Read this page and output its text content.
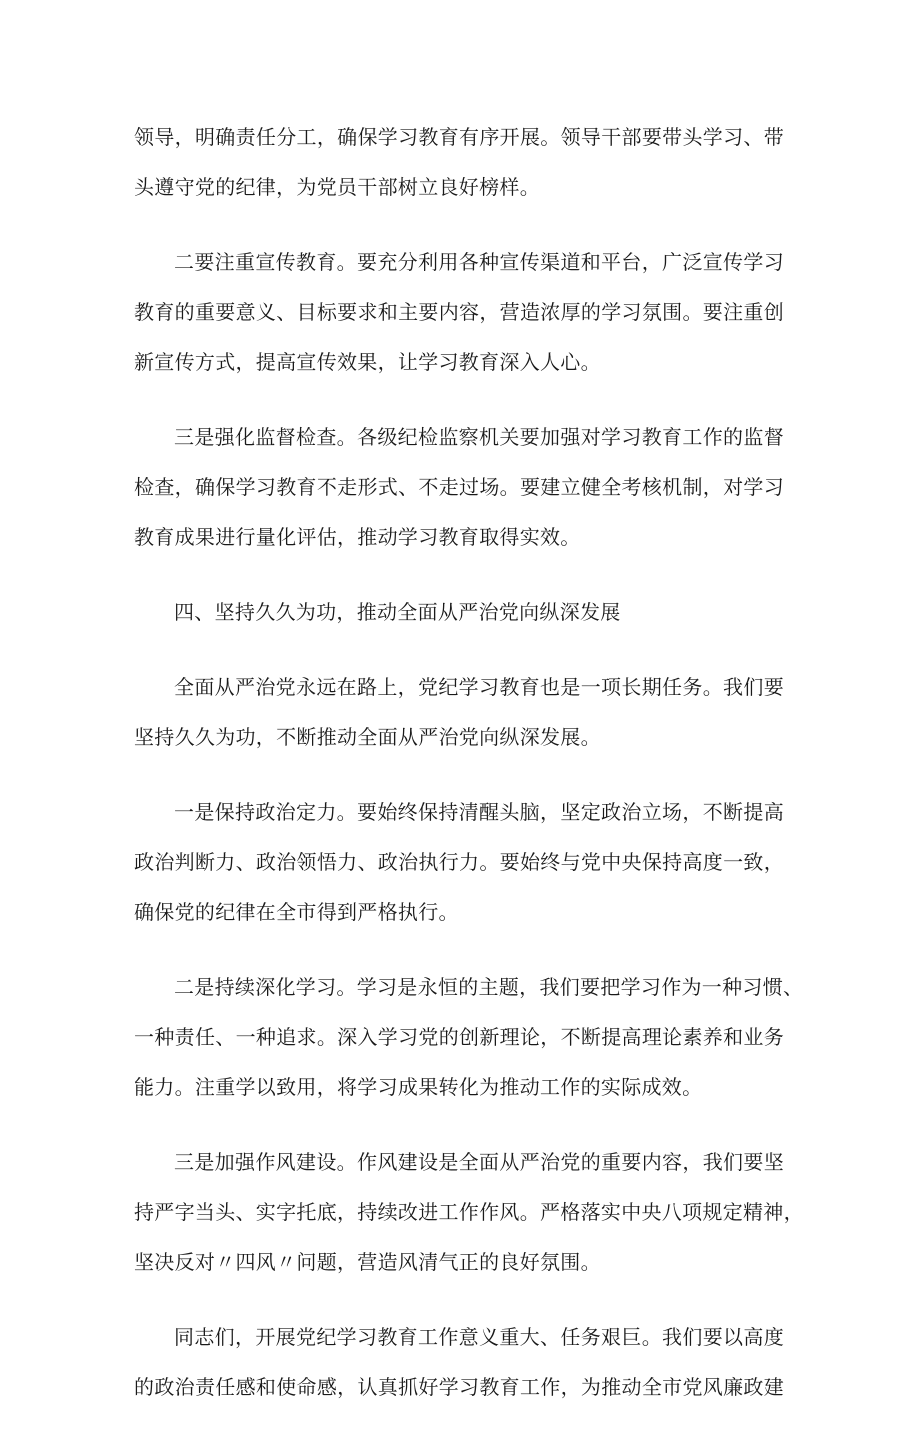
领导，明确责任分工，确保学习教育有序开展。领导干部要带头学习、带
头遵守党的纪律，为党员干部树立良好榜样。
二要注重宣传教育。要充分利用各种宣传渠道和平台，广泛宣传学习
教育的重要意义、目标要求和主要内容，营造浓厚的学习氛围。要注重创
新宣传方式，提高宣传效果，让学习教育深入人心。
三是强化监督检查。各级纪检监察机关要加强对学习教育工作的监督
检查，确保学习教育不走形式、不走过场。要建立健全考核机制，对学习
教育成果进行量化评估，推动学习教育取得实效。
四、坚持久久为功，推动全面从严治党向纵深发展
全面从严治党永远在路上，党纪学习教育也是一项长期任务。我们要
坚持久久为功，不断推动全面从严治党向纵深发展。
一是保持政治定力。要始终保持清醒头脑，坚定政治立场，不断提高
政治判断力、政治领悟力、政治执行力。要始终与党中央保持高度一致，
确保党的纪律在全市得到严格执行。
二是持续深化学习。学习是永恒的主题，我们要把学习作为一种习惯、
一种责任、一种追求。深入学习党的创新理论，不断提高理论素养和业务
能力。注重学以致用，将学习成果转化为推动工作的实际成效。
三是加强作风建设。作风建设是全面从严治党的重要内容，我们要坚
持严字当头、实字托底，持续改进工作作风。严格落实中央八项规定精神，
坚决反对〃四风〃问题，营造风清气正的良好氛围。
同志们，开展党纪学习教育工作意义重大、任务艰巨。我们要以高度
的政治责任感和使命感，认真抓好学习教育工作，为推动全市党风廉政建
